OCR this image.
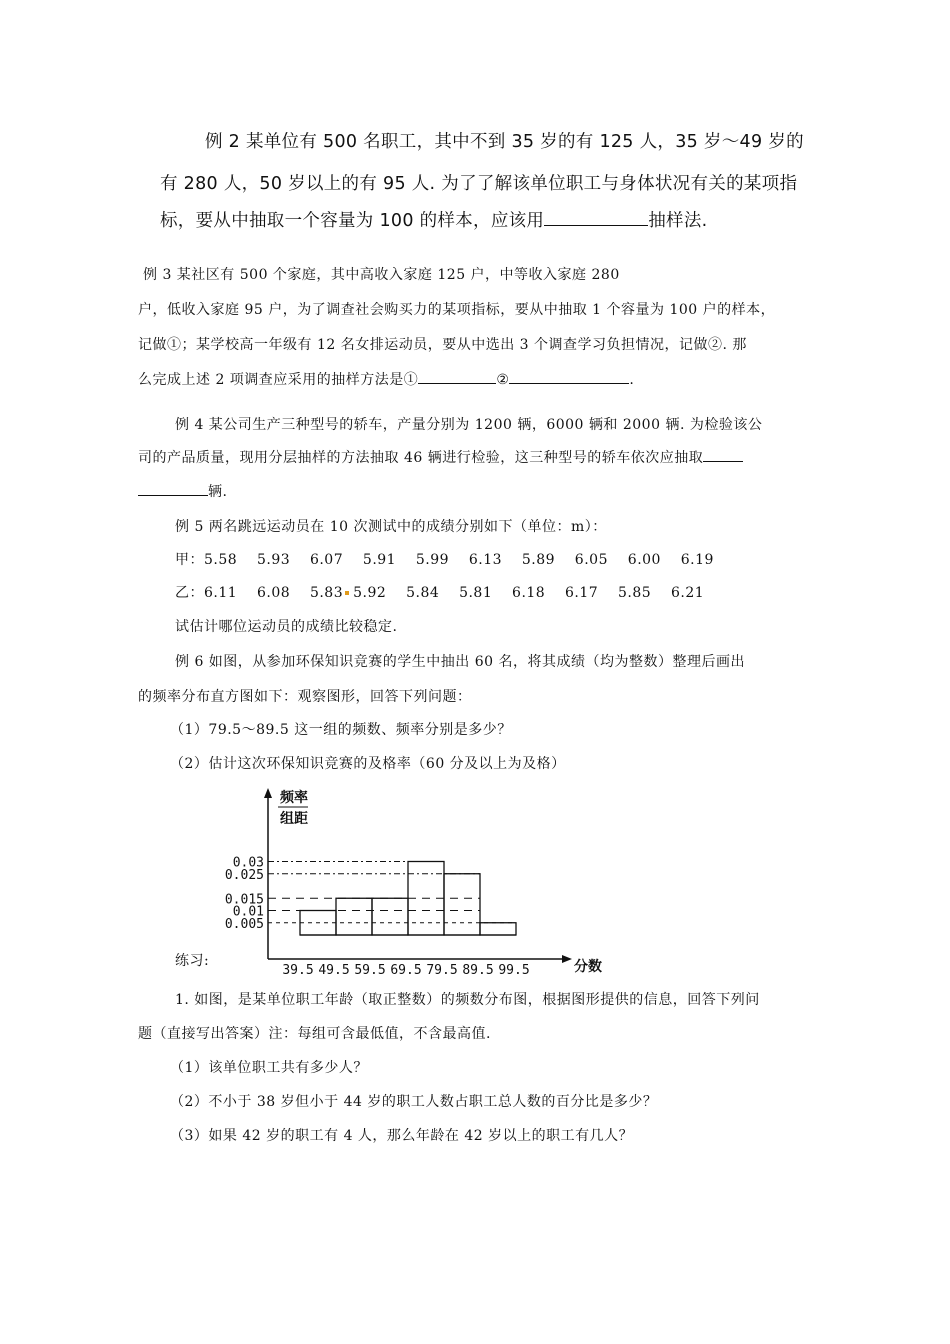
例 2 某单位有 500 名职工，其中不到 35 岁的有 125 人，35 岁～49 岁的
有 280 人，50 岁以上的有 95 人. 为了了解该单位职工与身体状况有关的某项指
标，要从中抽取一个容量为 100 的样本，应该用	抽样法.
例 3 某社区有 500 个家庭，其中高收入家庭 125 户，中等收入家庭 280
户，低收入家庭 95 户，为了调查社会购买力的某项指标，要从中抽取 1 个容量为 100 户的样本，
记做①；某学校高一年级有 12 名女排运动员，要从中选出 3 个调查学习负担情况，记做②. 那
么完成上述 2 项调查应采用的抽样方法是①	②	.
例 4 某公司生产三种型号的轿车，产量分别为 1200 辆，6000 辆和 2000 辆. 为检验该公
司的产品质量，现用分层抽样的方法抽取 46 辆进行检验，这三种型号的轿车依次应抽取
辆.
例 5 两名跳远运动员在 10 次测试中的成绩分别如下（单位：m）：
甲：5.58    5.93    6.07    5.91    5.99    6.13    5.89    6.05    6.00    6.19
乙：6.11    6.08    5.83 5.92    5.84    5.81    6.18    6.17    5.85    6.21
试估计哪位运动员的成绩比较稳定.
例 6 如图，从参加环保知识竞赛的学生中抽出 60 名，将其成绩（均为整数）整理后画出
的频率分布直方图如下：观察图形，回答下列问题：
（1）79.5～89.5 这一组的频数、频率分别是多少？
（2）估计这次环保知识竞赛的及格率（60 分及以上为及格）
0.005
0.01
0.015
0.025
0.03
39.5 49.5 59.5 69.5 79.5 89.5 99.5
频率
组距
分数
练习:
1. 如图，是某单位职工年龄（取正整数）的频数分布图，根据图形提供的信息，回答下列问
题（直接写出答案）注：每组可含最低值，不含最高值.
（1）该单位职工共有多少人？
（2）不小于 38 岁但小于 44 岁的职工人数占职工总人数的百分比是多少？
（3）如果 42 岁的职工有 4 人，那么年龄在 42 岁以上的职工有几人？
